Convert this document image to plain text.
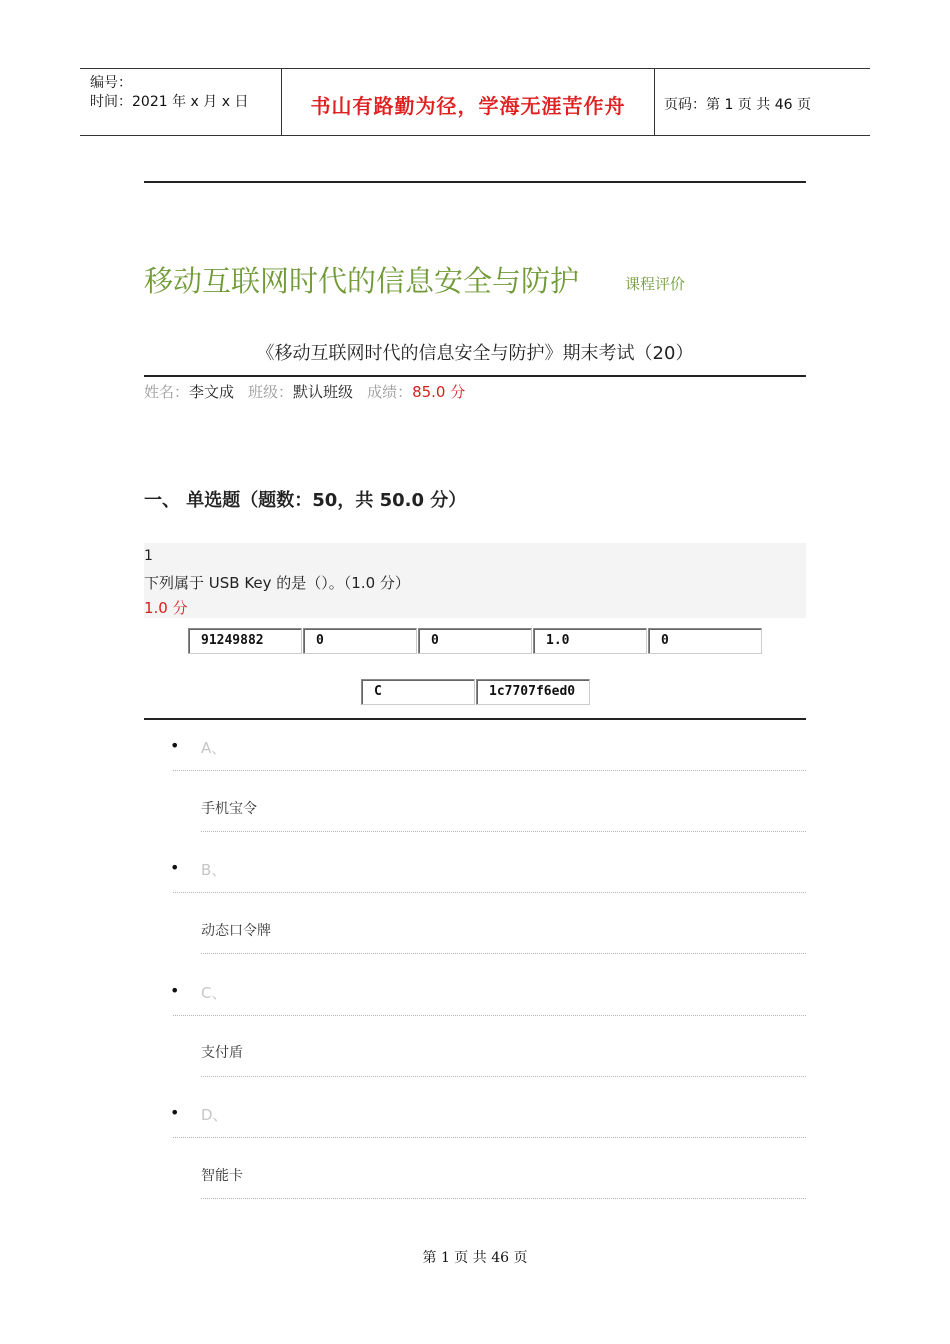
编号：
时间：2021 年 x 月 x 日	书山有路勤为径，学海无涯苦作舟	页码：第 1 页 共 46 页
移动互联网时代的信息安全与防护	课程评价
《移动互联网时代的信息安全与防护》期末考试（20）
姓名：李文成 班级：默认班级 成绩：85.0 分
一、 单选题（题数：50，共 50.0 分）
1
下列属于 USB Key 的是（）。（1.0 分）
1.0 分
91249882	0	0	1.0	0
C	1c7707f6ed0
• A、
手机宝令
• B、
动态口令牌
• C、
支付盾
• D、
智能卡
第 1 页 共 46 页
